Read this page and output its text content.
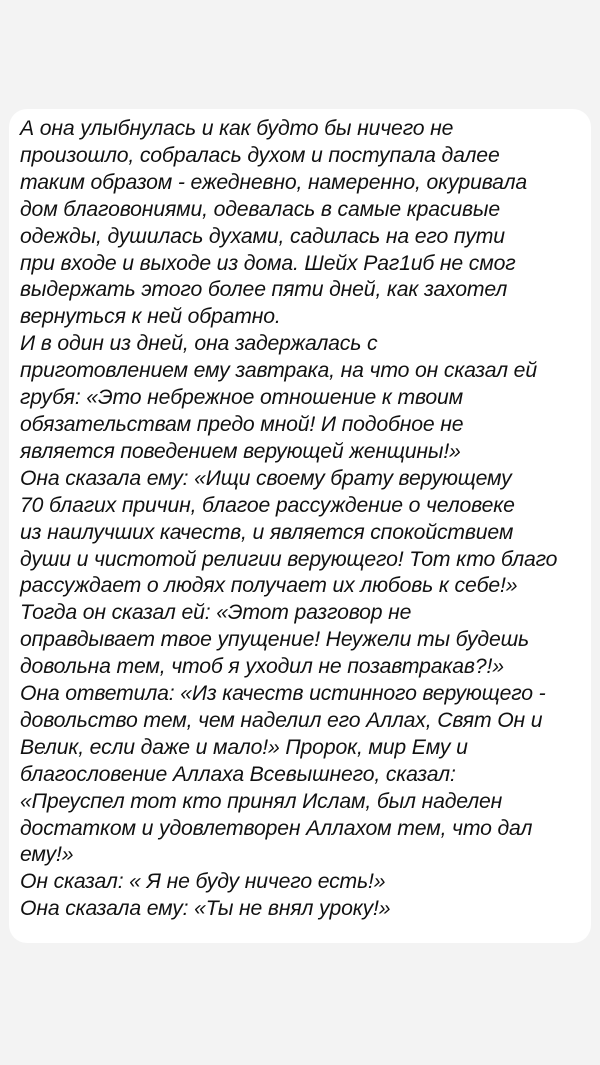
А она улыбнулась и как будто бы ничего не
произошло, собралась духом и поступала далее
таким образом - ежедневно, намеренно, окуривала
дом благовониями, одевалась в самые красивые
одежды, душилась духами, садилась на его пути
при входе и выходе из дома. Шейх Раг1иб не смог
выдержать этого более пяти дней, как захотел
вернуться к ней обратно.
И в один из дней, она задержалась с
приготовлением ему завтрака, на что он сказал ей
грубя: «Это небрежное отношение к твоим
обязательствам предо мной! И подобное не
является поведением верующей женщины!»
Она сказала ему: «Ищи своему брату верующему
70 благих причин, благое рассуждение о человеке
из наилучших качеств, и является спокойствием
души и чистотой религии верующего! Тот кто благо
рассуждает о людях получает их любовь к себе!»
Тогда он сказал ей: «Этот разговор не
оправдывает твое упущение! Неужели ты будешь
довольна тем, чтоб я уходил не позавтракав?!»
Она ответила: «Из качеств истинного верующего -
довольство тем, чем наделил его Аллах, Свят Он и
Велик, если даже и мало!» Пророк, мир Ему и
благословение Аллаха Всевышнего, сказал:
«Преуспел тот кто принял Ислам, был наделен
достатком и удовлетворен Аллахом тем, что дал
ему!»
Он сказал: « Я не буду ничего есть!»
Она сказала ему: «Ты не внял уроку!»
